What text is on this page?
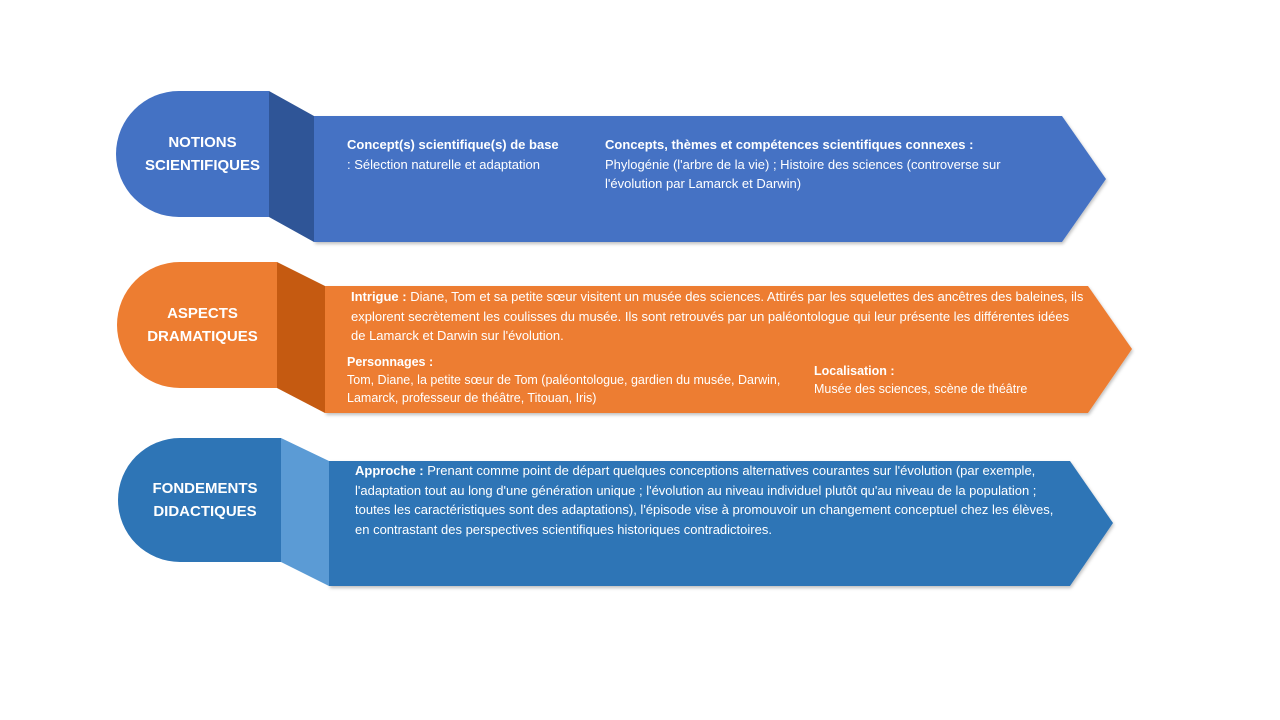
NOTIONS
SCIENTIFIQUES
Concept(s) scientifique(s) de base
: Sélection naturelle et adaptation
Concepts, thèmes et compétences scientifiques connexes :
Phylogénie (l'arbre de la vie) ; Histoire des sciences (controverse sur l'évolution par Lamarck et Darwin)
ASPECTS
DRAMATIQUES
Intrigue : Diane, Tom et sa petite sœur visitent un musée des sciences. Attirés par les squelettes des ancêtres des baleines, ils explorent secrètement les coulisses du musée. Ils sont retrouvés par un paléontologue qui leur présente les différentes idées de Lamarck et Darwin sur l'évolution.
Personnages :
Tom, Diane, la petite sœur de Tom (paléontologue, gardien du musée, Darwin, Lamarck, professeur de théâtre, Titouan, Iris)
Localisation :
Musée des sciences, scène de théâtre
FONDEMENTS
DIDACTIQUES
Approche : Prenant comme point de départ quelques conceptions alternatives courantes sur l'évolution (par exemple, l'adaptation tout au long d'une génération unique ; l'évolution au niveau individuel plutôt qu'au niveau de la population ; toutes les caractéristiques sont des adaptations), l'épisode vise à promouvoir un changement conceptuel chez les élèves, en contrastant des perspectives scientifiques historiques contradictoires.
